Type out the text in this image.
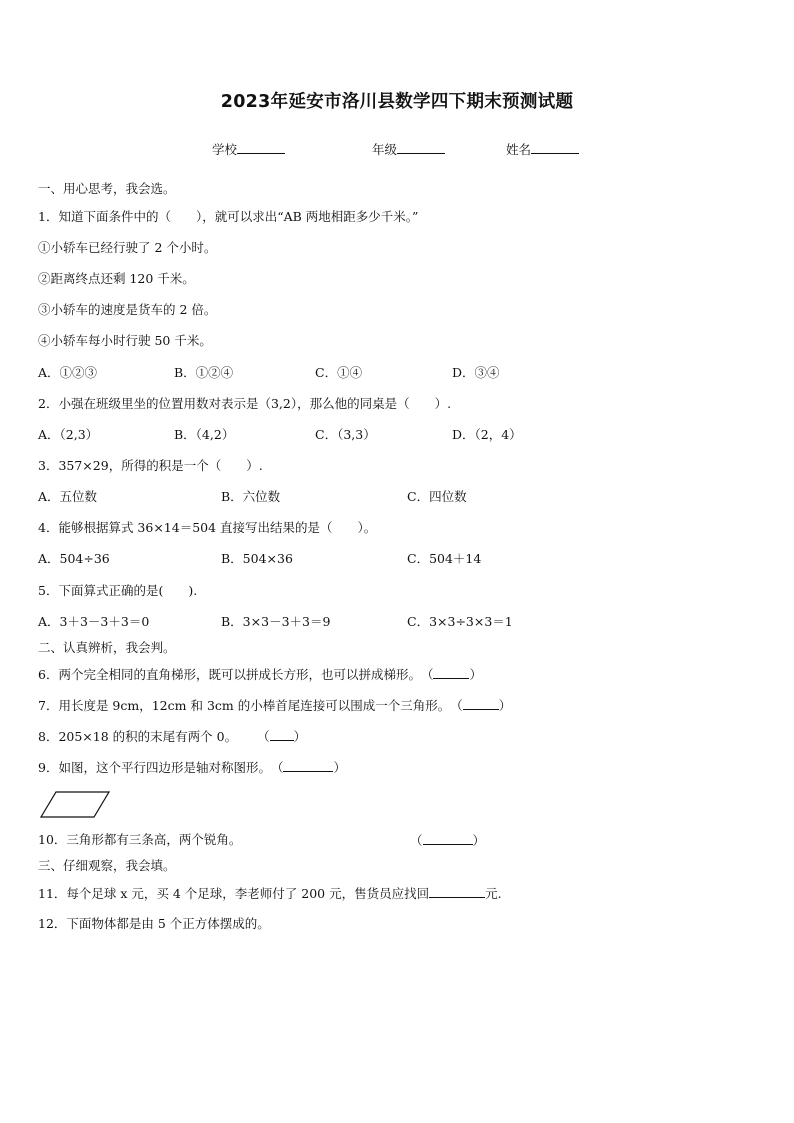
2023年延安市洛川县数学四下期末预测试题
学校	年级	姓名
一、用心思考，我会选。
1．知道下面条件中的（　　），就可以求出“AB 两地相距多少千米。”
①小轿车已经行驶了 2 个小时。
②距离终点还剩 120 千米。
③小轿车的速度是货车的 2 倍。
④小轿车每小时行驶 50 千米。
A．①②③	B．①②④	C．①④	D．③④
2．小强在班级里坐的位置用数对表示是（3,2），那么他的同桌是（　　）.
A．（2,3）	B．（4,2）	C．（3,3）	D．（2，4）
3．357×29，所得的积是一个（　　）.
A．五位数	B．六位数	C．四位数
4．能够根据算式 36×14＝504 直接写出结果的是（　　）。
A．504÷36	B．504×36	C．504＋14
5．下面算式正确的是(　　).
A．3＋3－3＋3＝0	B．3×3－3＋3＝9	C．3×3÷3×3＝1
二、认真辨析，我会判。
6．两个完全相同的直角梯形，既可以拼成长方形，也可以拼成梯形。（	）
7．用长度是 9cm，12cm 和 3cm 的小棒首尾连接可以围成一个三角形。（	）
8．205×18 的积的末尾有两个 0。 （ ）
9．如图，这个平行四边形是轴对称图形。（	）
10．三角形都有三条高，两个锐角。	（	）
三、仔细观察，我会填。
11．每个足球 x 元，买 4 个足球，李老师付了 200 元，售货员应找回	元.
12．下面物体都是由 5 个正方体摆成的。
